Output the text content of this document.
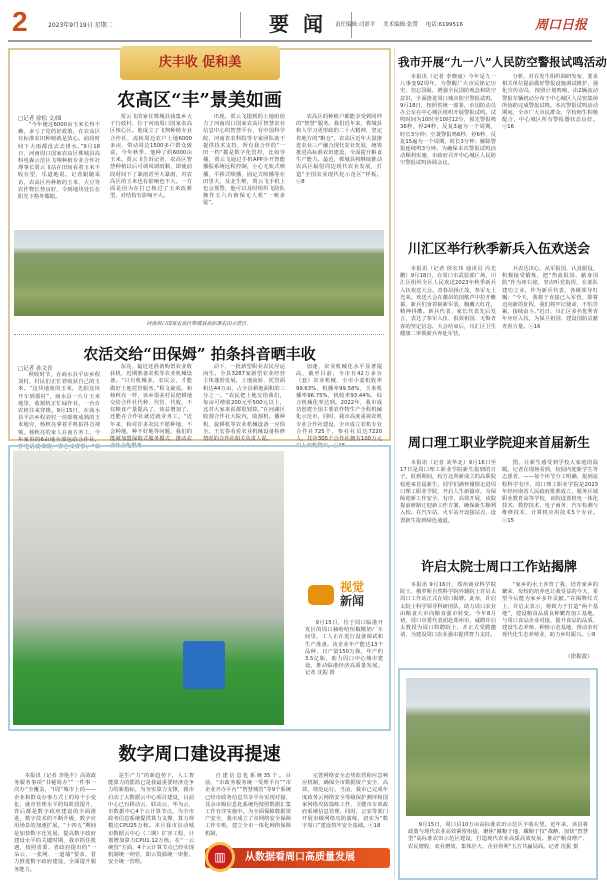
2	2023年9月19日 星期二	要闻
责任编辑:司彩平 美术编辑:张赞 电话:6199516	周口日报
庆丰收 促和美
农高区“丰”景美如画
□记者 徐松 文/图

“今年俺这6000亩玉米长得不赖，多亏了党的好政策，在农高区有标准农田种植就是放心。前段时间下大雨都没去去排水。”9月18日，河南周口国家农高区郸城县高科电森示范区飞翔种植专业合作社理事长贾云飞站在田间看着玉米丰收在望，乐道地说。记者跟随采访，农高区内种植的玉米、大豆等农作物长势良好，令到地块处长在阳光下格外耀眼。

贾云飞的家在郸城县钱集乡大于行政村，位于河南周口国家农高区核心区。他成立了飞翔种植专业合作社，流转周边农户土地6000多亩，带动周边1500多户群众致富，今年秋季，他种了约6000亩玉米。贾云飞告诉记者，农高区智慧种植以后可调风调雨顺，即使前段时间下了暴雨甚至大暴雨，对农高区的玉米也有影响也不大。一方面是因为在打已核过了玉米改耕型，对结构有影响不大。

出现。贾云飞提到的土地咱给力了河南周口国家农高区智慧农业信息中心的智慧平台，有中国科学院、河南省农科院等专家团队助于提供技术支持，所有我合作的“一田一档”都是数字化管控，比如导播，贾云飞通过手机APP办开智能播振系统远程控制，小心无轨式喷播，平移式喷播，固定式喷播等在田里大，及北生维，贾云飞手机上也会预警，他可以及时组织飞防队操作五六台植保无人机“一喷多促”。

农高区的种植户都能享受到同样的“智慧”服务。我们近年来，郸城县和人学习更形政的二十大精神，坚定着地方的“粮仓”，农高区近年大量推进农业三产融合现代农业发展，统筹推进高标准农田建设，全面提升粮食生产能力。最近，郸城县将继续推动农高区辐射周边现代农业发展，打造“全国农业现代化示范区”样板。ⓒ8

河南周口国家农高区郸城县高标准农田示范区。
农活交给“田保姆” 拍条抖音晒丰收
□记者 孙文青

秋收时节，在商水县平店乡程刘村，村民们正忙着收获自己的玉米。“这块地收的玉米，先拍这块开车到那村”，商水县一片片玉米地里，收割机正忙碌作业，一台台农机往来穿梭。9月15日，在商水县平店乡程刘村一块即将成熟的玉米地旁，杨秋亮拿着手机拍抖音视频。杨秋亮的家人在南方务工，今年家里的6亩地全部包给合作社，打电话就来收，省心又省事。“农

东亮，最近还准备购置农业收获机，近期准备农机等农业机械设备。“只有机械多，农民会，才能做好土地托管服务。”程文豪说。和杨秋亮一样，该乡很多村民把耕地交给合作社代种、代管、代收，不仅粮食产量提高了，效益增加了，还能在合作社就近就业务工。“近年来，和对许多农民不愿种地、不会种地、种不好地等问题，我们的能被加盟保姆式服务模式，推动农业社会化服务

动下，一批新型职业农民应运而生。全县3287家新型农业经营主体蓬勃发展，土地流转、托管面积达44万亩，占全县耕地面积的三分之一。“农民把土地交给我们，每亩可增收200元至500元以上，这对大家来说都很划算。”在河湖区收割合作社大院内，收割机、播种机、旋耕机等农业机械设备一应俱全。王宏春看着农业机械设备检修情况的合作社相关负责人说。

加速，农业机械化水平显著提高，截至目前，全市有42万多台（套）农业机械，全市小麦机收率99.63%，机播率99.58%，玉米机播率96.75%，机收率93.44%，综合机械化率达到。2022年，我市成功创建全国主要农作物生产全程机械化示范市，同时，我市高度重视农机专业合作社建设，全市成立农机专业合作社725个，参社社员达7220人，其中305个合作社拥有100万元以上农机资产。ⓒ16

视觉
新闻

9月15日，位于周口临港开发区的周口赫哈哈恒椒酸奶厂车间里，工人正在进行设备调试和生产准备。该企业年产能达13个品种，日产量150万瓶，年产约3.5亿瓶，助力周口中心城市建设，推动临港经济高质量发展。记者 沈振 摄

数字周口建设再提速

本报讯（记者 李艳丰）高效政务服务事项“书秘简办”“一件事一次办”全覆盖，“i周”城市上的——企业和群众办事方式上的每个小变化，就市管理水平的每阶段提升，背后都是数字政府建设的全面推进，数字技术的不断升级，数字应用场景的加速扩展。“十四五”期间是加快数字化发展、提高数字政府建设水平的关键时期，我市抓住机遇，按照省委、省政府提出的“一朵云、一张网、一道墙”要求，着力推进数字政府建设，全面提升服务能力。

是生产力”的新趋势下，人工智能算力的摇篮已是我最重要经济竞争力的新指标，为夯实算力支撑，我市启动了大数据云中心项目建设，目前中心已有移动云、联动云、华为云、市数据中心4个云计算节点，为全市政务信息系统提供算力支撑，算力规模达CPU25万核。本月我市启动城市数据云中心（二期）扩容工程，计划增加算力CPU1.12万核。在“一云统管”方面，4个云计算节点已经实现机制统一纳管，即云资源统一审批、安全统一管理。

自建信息化系统35个。目前，“市政务服务统一受理平台”“市企业开办平台”“智慧城管”等9个系统已经市政务信息共享平台实现对接，其余市级信息化系统均按照数据汇集工作有序实施中。为全面保障数据资产安全，我市成立了市网络安全保障工作专班，建立全市一体化网络保障机制，

完善网络安全态势监管和应急响应机制，确保全市数据资产安全、高效、规范运行。当前，我市已完成年度政务云网络安全等级保护测评和国家网络攻防演练工作，卫健市专项政府系统信息管理，同时，公安等部门开展市级网络攻防演练，切实为“数字周口”建设筑牢安全基础。ⓒ18

从数据看周口高质量发展
▥
我市开展“九一八”人民防空警报试鸣活动

本报讯（记者 李晓丽）今年是九一八事变92周年，为警醒广大市民铭记历史、勿忘国耻，增强全民国防观念和防空意识，全面推进周口城市防空警报试鸣，9月18日，按照省统一部署，市国防动员办公室在中心城区组织开展警报试鸣。试鸣时间为10时至10时12分，预先警报鸣36秒，停24秒，反复3遍为一个周期，时长3分钟；空袭警报鸣6秒，停6秒，反复15遍为一个周期，时长3分钟；解除警报连续鸣3分钟。为确保本次警报试鸣活动顺利实施，市政府召开中心城区人民防空警报试鸣协调会议。

分析，对在发生组织调研发布，要求相关单位提前做好警报设施调试维护，强化宣传动员，按照计划鸣响，由2辆流动警报车辆机动分布于中心城区人员密集场所协助完成警报试鸣。本次警报试鸣活动期间，全市广大市民群众、学校师生积极配合，中心城区所有警报器状态良好。ⓒ16

川汇区举行秋季新兵入伍欢送会

本报讯（记者 徐宏伟 通讯员 冯光鹏）9月18日，在周口市武装部广场，川汇区组织全区人民欢送2023年秋季新兵入伍欢送大会。青春昂扬正茂，参军无上光荣。欢送大会在激昂的国歌声中拉开帷幕，新兵们身着崭新军装，胸戴大红花，精神抖擞。新兵代表、家长代表先后发言，表达了参军入伍、报效祖国、无悔青春的坚定信念。大会结束后，川汇区卫生健康二率领新兵奔赴军营。

兵表达决心，从军报国，认真服役，积极接受锻炼，把“热血报国，献身国防”作为座右铭，坚决听党指挥，在部队建功立业。作为新兵代表，各级领导叮嘱：“今天，我将于直接已入军营，即将迈向新的征程，我们将牢记使命，不怕苦累，接续奋斗。”近日，川汇区多名优秀青年应征入伍，为保卫祖国、建设国防贡献青春力量。ⓒ16

周口理工职业学院迎来首届新生

本报讯（记者 刘华北）9月16日至17日是周口理工职业学院新生报到的日子。报到期间，校方这所新成立的高职院校迎来首届新生，同学们满怀憧憬走进周口理工职业学院，开启人生新篇章。为保障迎新工作安全、有序、高效开展，该院提前研制订迎新工作方案，确保新生顺利入校。在汽车站、火车站开设接站点，设置新生报到绿色通道。

图，让新生感受到学校大家庭的温暖。记者在现场看到，校园内迎新学生等志愿者，——每个环节分工明确，报到流程科学有序。周口理工职业学院是2023年经河南省人民政府批准成立，服务区域职业教育高等学校，该院设置机电一体化技术、数控技术、电子商务、汽车检测与维修技术、计算机应用技术5个专业。ⓒ15

许启太院士周口工作站揭牌

本报讯 9月16日，郑州商业科学院院士、俄罗斯自然科学院外籍院士许启太周口工作站正式在周口揭牌。此举，许启太院士科学领导科研团队，助力周口农业由粮食大市向粮食强市转变。今年8月初，周口市委代表团赴郑州市，诚聘许启太教授为周口特聘院士，并正式受聘邀请，为建设周口农业强市提供智力支持。

“家乡的水土养育了我，培育家乡的繁荣，母校的培养也让我受益的今天，希望今后能为家乡多作贡献。”在揭牌仪式上，许启太表示，将致力于打造“两个基地”，建设粮食品质良种繁育加工基地，与周口食品企业对接，提升食品的品质，建设生态养殖、种植示范基地，推动农村现代化生态养殖业，助力乡村振兴。ⓒ8

（徐振波）

9月15日，周口县10万亩高标准农田示范区丰收在望。近年来，该县将政策与现代农业高效紧密衔接，聚焦“藏粮于地、藏粮于技”战略，加快“智慧型”高标准农田示范区建设，打造现代农业高质高效发展。推动“粮食增产、农民增收、农业增效、集体壮大、企业得利”五方共赢局面。记者 沈振 摄
